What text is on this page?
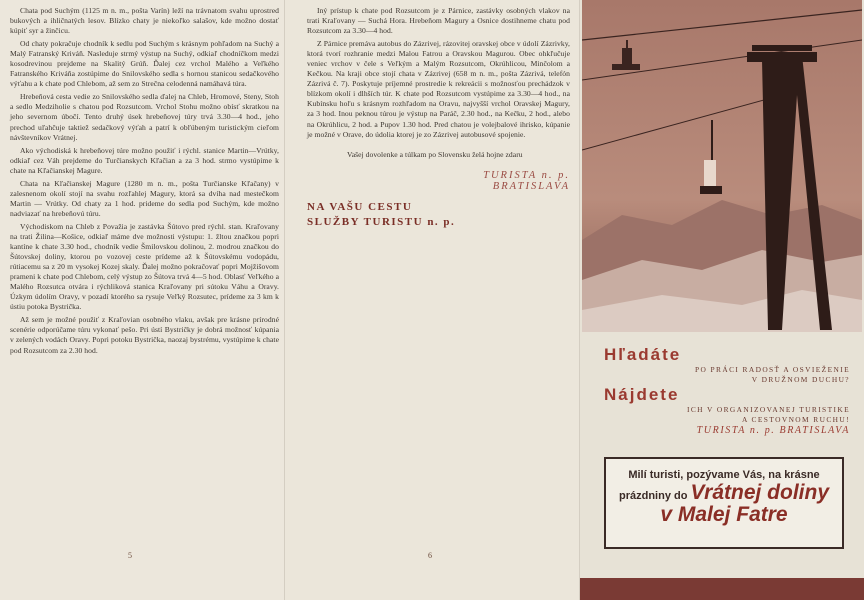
Chata pod Suchým (1125 m n. m., pošta Varín) leží na trávnatom svahu uprostred bukových a ihličnatých lesov. Blízko chaty je niekoľko salašov, kde možno dostať kúpiť syr a žinčicu.

Od chaty pokračuje chodník k sedlu pod Suchým s krásnym pohľadom na Suchý a Malý Fatranský Kriváň. Nasleduje strmý výstup na Suchý, odkiaľ chodníčkom medzi kosodrevinou prejdeme na Skalitý Grúň. Ďalej cez vrchol Malého a Veľkého Fatranského Kriváňa zostúpime do Snilovského sedla s hornou stanicou sedačkového výťahu a k chate pod Chlebom, až sem zo Strečna celodenná namáhavá túra.

Hrebeňová cesta vedie zo Snilovského sedla ďalej na Chleb, Hromové, Steny, Stoh a sedlo Medziholie s chatou pod Rozsutcom. Vrchol Stohu možno obísť skratkou na jeho severnom úbočí. Tento druhý úsek hrebeňovej túry trvá 3.30—4 hod., jeho prechod uľahčuje taktiež sedačkový výťah a patrí k obľúbeným turistickým cieľom návštevníkov Vrátnej.

Ako východiská k hrebeňovej túre možno použiť i rýchl. stanice Martin—Vrútky, odkiaľ cez Váh prejdeme do Turčianskych Kľačian a za 3 hod. strmo vystúpime k chate na Kľačianskej Magure.

Chata na Kľačianskej Magure (1280 m n. m., pošta Turčianske Kľačany) v zalesnenom okolí stojí na svahu rozľahlej Magury, ktorá sa dvíha nad mestečkom Martin — Vrútky. Od chaty za 1 hod. prideme do sedla pod Suchým, kde možno nadviazať na hrebeňovú túru.

Východiskom na Chleb z Považia je zastávka Šútovo pred rýchl. stan. Kraľovany na trati Žilina—Košice, odkiaľ máme dve možnosti výstupu: 1. žltou značkou popri kantíne k chate 3.30 hod., chodník vedie Šmilovskou dolinou, 2. modrou značkou do Šútovskej doliny, ktorou po vozovej ceste prídeme až k Šútovskému vodopádu, rútiacemu sa z 20 m vysokej Kozej skaly. Ďalej možno pokračovať popri Mojžišovom prameni k chate pod Chlebom, celý výstup zo Šútova trvá 4—5 hod. Oblasť Veľkého a Malého Rozsutca otvára i rýchliková stanica Kraľovany pri sútoku Váhu a Oravy. Úzkym údolím Oravy, v pozadí ktorého sa rysuje Veľký Rozsutec, prídeme za 3 km k ústiu potoka Bystrička.

Až sem je možné použiť z Kraľovian osobného vlaku, avšak pre krásne prírodné scenérie odporúčame túru vykonať pešo. Pri ústí Bystričky je dobrá možnosť kúpania v zelených vodách Oravy. Popri potoku Bystrička, naozaj bystrému, vystúpime k chate pod Rozsutcom za 2.30 hod.

5

Iný prístup k chate pod Rozsutcom je z Párnice, zastávky osobných vlakov na trati Kraľovany — Suchá Hora. Hrebeňom Magury a Osnice dostihneme chatu pod Rozsutcom za 3.30—4 hod.

Z Párnice premáva autobus do Zázrivej, rázovitej oravskej obce v údolí Zázrivky, ktorá tvorí rozhranie medzi Malou Fatrou a Oravskou Magurou. Obec ohkľučuje veniec vrchov v čele s Veľkým a Malým Rozsutcom, Okrúhlicou, Minčolom a Kečkou. Na kraji obce stojí chata v Zázrivej (658 m n. m., pošta Zázrivá, telefón Zázrivá č. 7). Poskytuje príjemné prostredie k rekreácii s možnosťou prechádzok v blízkom okolí i dlhších túr. K chate pod Rozsutcom vystúpime za 3.30—4 hod., na Kubínsku hoľu s krásnym rozhľadom na Oravu, najvyšší vrchol Oravskej Magury, za 3 hod. Inou peknou túrou je výstup na Paráč, 2.30 hod., na Kečku, 2 hod., alebo na Okrúhlicu, 2 hod. a Pupov 1.30 hod. Pred chatou je volejbalové ihrisko, kúpanie je možné v Orave, do údolia ktorej je zo Zázrivej autobusové spojenie.

Vašej dovolenke a túlkam po Slovensku želá hojne zdaru

TURISTA n. p.

BRATISLAVA

NA VAŠU CESTU

SLUŽBY TURISTU n. p.

6

Hľadáte

PO PRÁCI RADOSŤ A OSVIEŽENIE

V DRUŽNOM DUCHU?

Nájdete

ICH V ORGANIZOVANEJ TURISTIKE

A CESTOVNOM RUCHU!

TURISTA n. p. BRATISLAVA

Milí turisti, pozývame Vás, na krásne

prázdniny do Vrátnej doliny

v Malej Fatre
